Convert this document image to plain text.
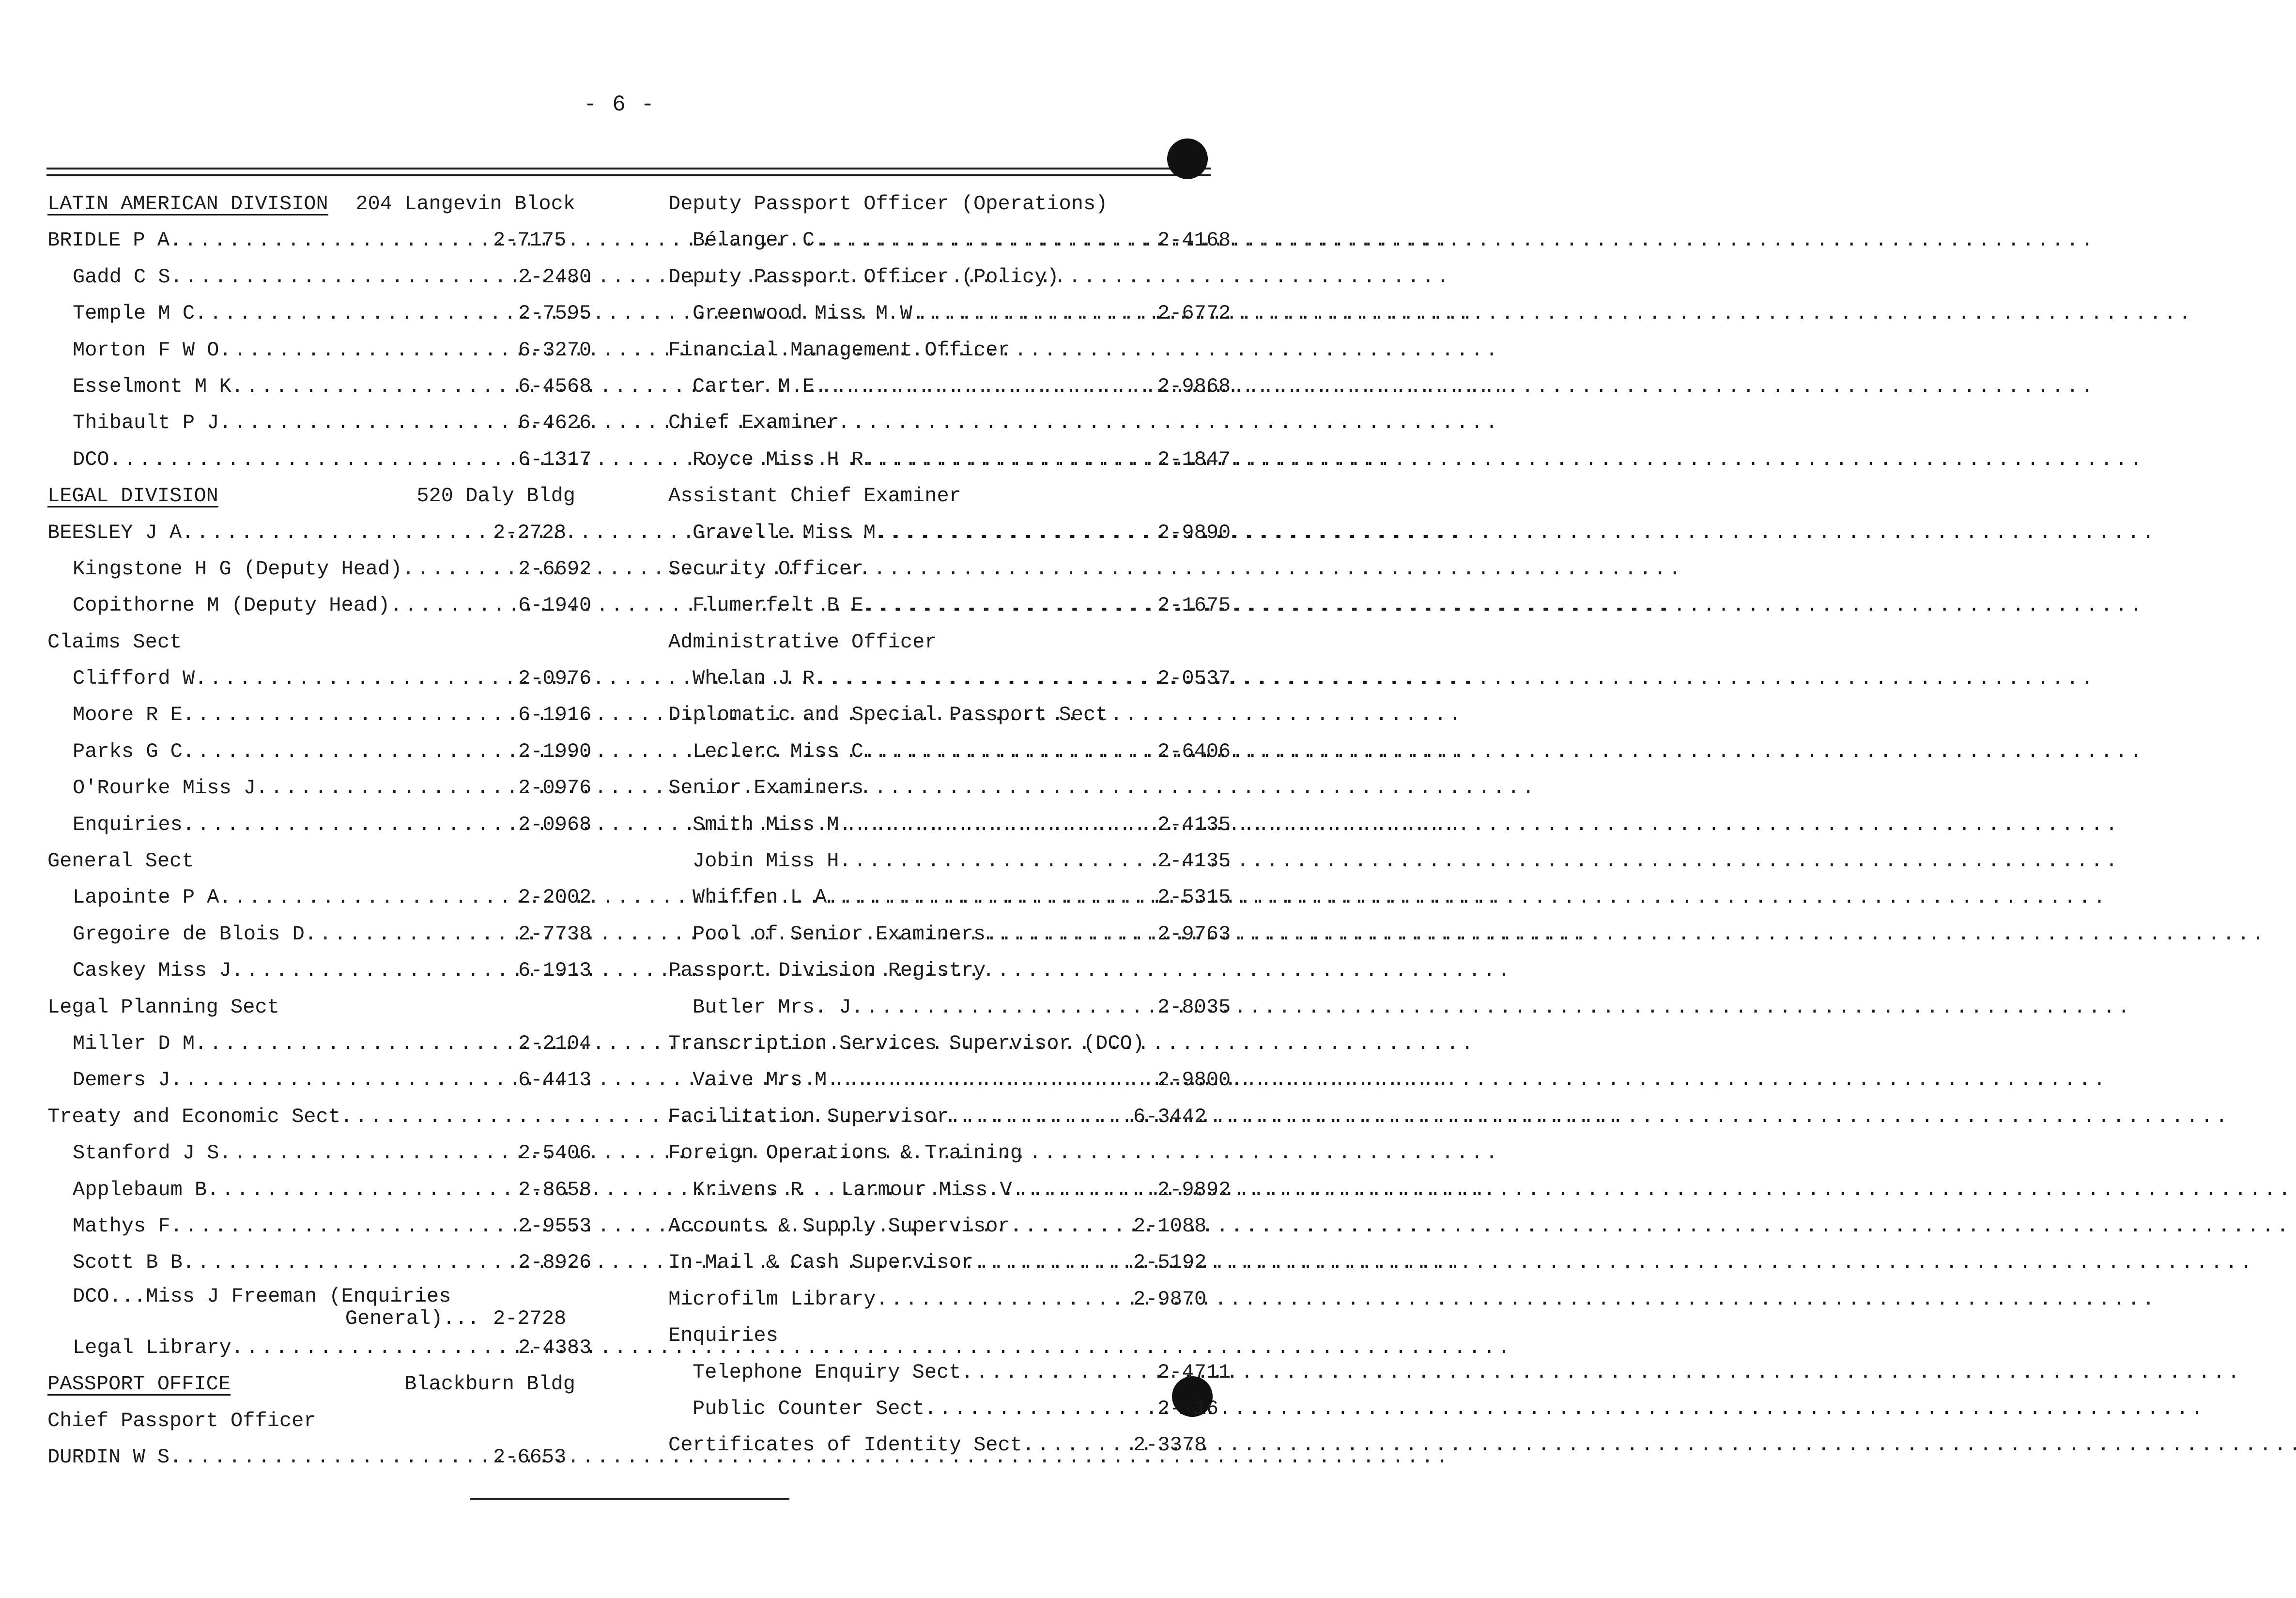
- 6 -
LATIN AMERICAN DIVISION 204 Langevin Block
BRIDLE P A . . .	2-7175
Gadd C S . . .	2-2480
Temple M C . . .	2-7595
Morton F W O . . .	6-3270
Esselmont M K . . .	6-4568
Thibault P J . . .	6-4626
DCO . . .	6-1317
LEGAL DIVISION	520 Daly Bldg
BEESLEY J A . . .	2-2728
Kingstone H G (Deputy Head) . . .	2-6692
Copithorne M (Deputy Head) . . .	6-1940
Claims Sect
Clifford W . . .	2-0976
Moore R E . . .	6-1916
Parks G C . . .	2-1990
O'Rourke Miss J . . .	2-0976
Enquiries . . .	2-0968
General Sect
Lapointe P A . . .	2-2002
Gregoire de Blois D . . .	2-7738
Caskey Miss J . . .	6-1913
Legal Planning Sect
Miller D M . . .	2-2104
Demers J . . .	6-4413
Treaty and Economic Sect
. . .
Stanford J S . . .	2-5406
Applebaum B . . .	2-8658
Mathys F . . .	2-9553
Scott B B . . .	2-8926
DCO...Miss J Freeman (Enquiries
General)... 2-2728
Legal Library . . .	2-4383
PASSPORT OFFICE	Blackburn Bldg
Chief Passport Officer
DURDIN W S . . .	2-6653
Deputy Passport Officer (Operations)
Bélanger C . . .	2-4168
Deputy Passport Officer (Policy)
Greenwood Miss M W . . .	2-6772
Financial Management Officer
Carter M E . . .	2-9868
Chief Examiner
Royce Miss H R . . .	2-1847
Assistant Chief Examiner
Gravelle Miss M . . .	2-9890
Security Officer
Flumerfelt B E . . .	2-1675
Administrative Officer
Whelan J R . . .	2-0537
Diplomatic and Special Passport Sect
Leclerc Miss C . . .	2-6406
Senior Examiners
Smith Miss M . . .	2-4135
Jobin Miss H . . .	2-4135
Whiffen L A . . .	2-5315
Pool of Senior Examiners . . .	2-9763
Passport Division Registry
Butler Mrs. J . . .	2-8035
Transcription Services Supervisor (DCO)
Vaive Mrs M . . .	2-9800
Facilitation Supervisor . . .	6-3442
Foreign Operations & Training
Krivens R Larmour Miss V . . .	2-9892
Accounts & Supply Supervisor . . .	2-1088
In-Mail & Cash Supervisor . . .	2-5192
Microfilm Library . . .	2-9870
Enquiries
Telephone Enquiry Sect . . .	2-4711
Public Counter Sect . . .	2-·16
Certificates of Identity Sect . . .	2-3378
